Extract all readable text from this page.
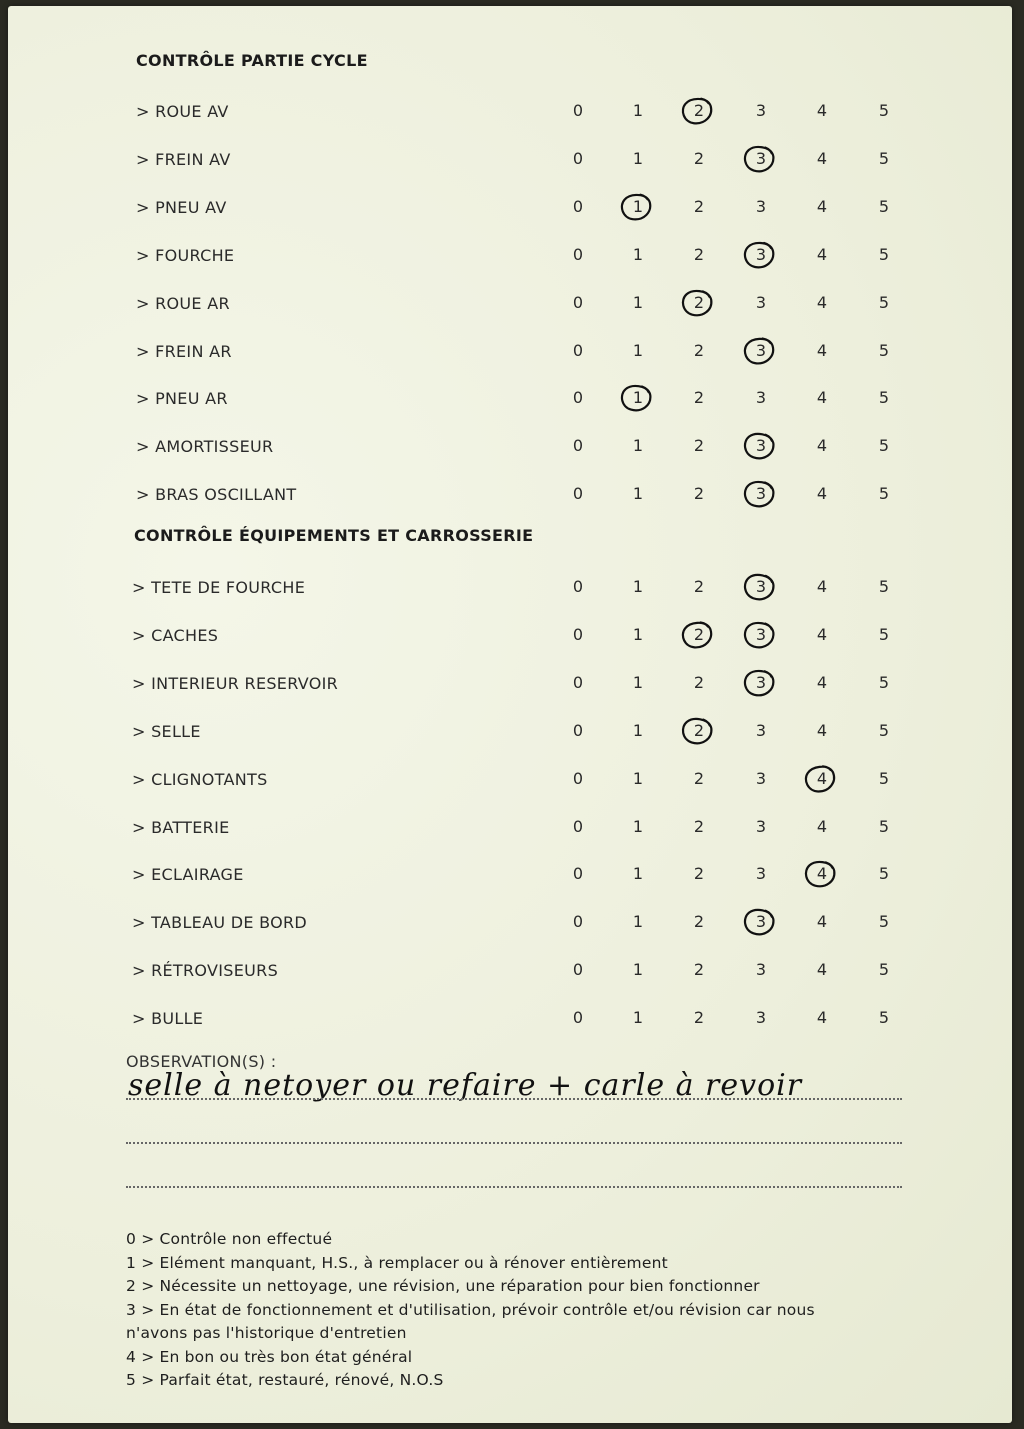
CONTRÔLE PARTIE CYCLE
> ROUE AV	0	1	2	3	4	5
> FREIN AV	0	1	2	3	4	5
> PNEU AV	0	1	2	3	4	5
> FOURCHE	0	1	2	3	4	5
> ROUE AR	0	1	2	3	4	5
> FREIN AR	0	1	2	3	4	5
> PNEU AR	0	1	2	3	4	5
> AMORTISSEUR	0	1	2	3	4	5
> BRAS OSCILLANT	0	1	2	3	4	5
CONTRÔLE ÉQUIPEMENTS ET CARROSSERIE
> TETE DE FOURCHE	0	1	2	3	4	5
> CACHES	0	1	2	3	4	5
> INTERIEUR RESERVOIR	0	1	2	3	4	5
> SELLE	0	1	2	3	4	5
> CLIGNOTANTS	0	1	2	3	4	5
> BATTERIE	0	1	2	3	4	5
> ECLAIRAGE	0	1	2	3	4	5
> TABLEAU DE BORD	0	1	2	3	4	5
> RÉTROVISEURS	0	1	2	3	4	5
> BULLE	0	1	2	3	4	5
OBSERVATION(S) :
selle à netoyer ou refaire + carle à revoir
0 > Contrôle non effectué
1 > Elément manquant, H.S., à remplacer ou à rénover entièrement
2 > Nécessite un nettoyage, une révision, une réparation pour bien fonctionner
3 > En état de fonctionnement et d'utilisation, prévoir contrôle et/ou révision car nous
n'avons pas l'historique d'entretien
4 > En bon ou très bon état général
5 > Parfait état, restauré, rénové, N.O.S
